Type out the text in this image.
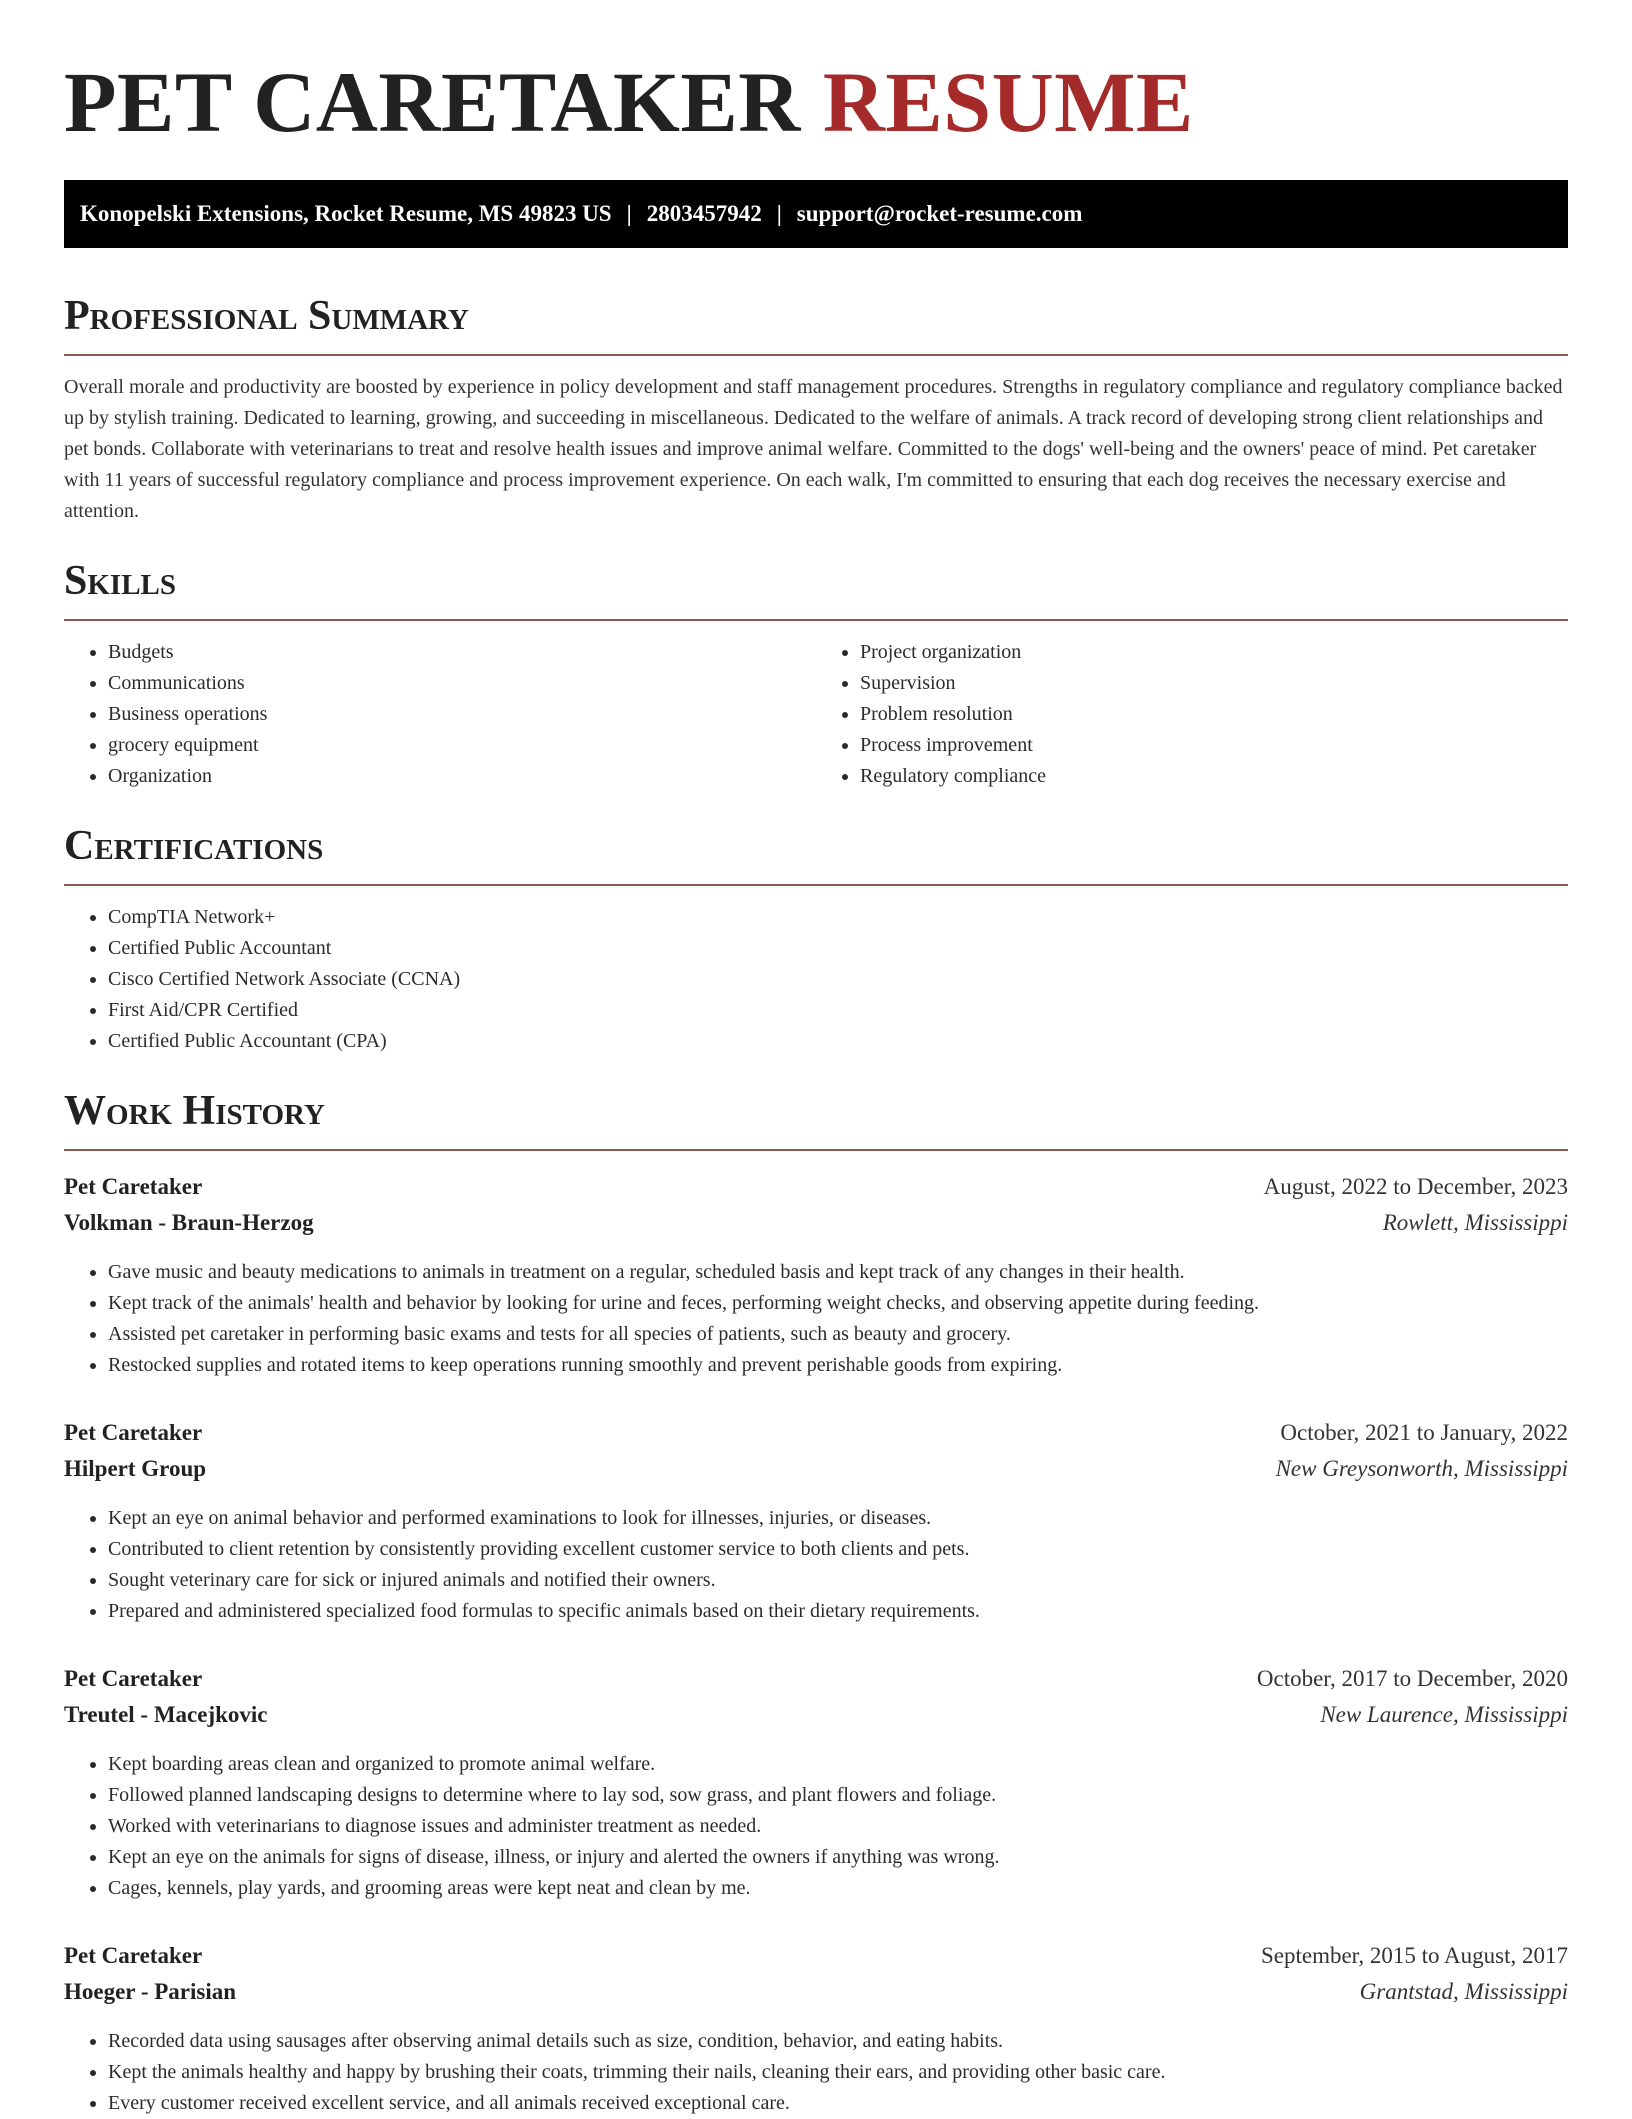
PET CARETAKER RESUME
Konopelski Extensions, Rocket Resume, MS 49823 US | 2803457942 | support@rocket-resume.com
Professional Summary

Overall morale and productivity are boosted by experience in policy development and staff management procedures. Strengths in regulatory compliance and regulatory compliance backed up by stylish training. Dedicated to learning, growing, and succeeding in miscellaneous. Dedicated to the welfare of animals. A track record of developing strong client relationships and pet bonds. Collaborate with veterinarians to treat and resolve health issues and improve animal welfare. Committed to the dogs' well-being and the owners' peace of mind. Pet caretaker with 11 years of successful regulatory compliance and process improvement experience. On each walk, I'm committed to ensuring that each dog receives the necessary exercise and attention.

Skills
• Budgets
• Communications
• Business operations
• grocery equipment
• Organization
• Project organization
• Supervision
• Problem resolution
• Process improvement
• Regulatory compliance
Certifications
• CompTIA Network+
• Certified Public Accountant
• Cisco Certified Network Associate (CCNA)
• First Aid/CPR Certified
• Certified Public Accountant (CPA)
Work History
Pet Caretaker	August, 2022 to December, 2023
Volkman - Braun-Herzog	Rowlett, Mississippi
• Gave music and beauty medications to animals in treatment on a regular, scheduled basis and kept track of any changes in their health.
• Kept track of the animals' health and behavior by looking for urine and feces, performing weight checks, and observing appetite during feeding.
• Assisted pet caretaker in performing basic exams and tests for all species of patients, such as beauty and grocery.
• Restocked supplies and rotated items to keep operations running smoothly and prevent perishable goods from expiring.
Pet Caretaker	October, 2021 to January, 2022
Hilpert Group	New Greysonworth, Mississippi
• Kept an eye on animal behavior and performed examinations to look for illnesses, injuries, or diseases.
• Contributed to client retention by consistently providing excellent customer service to both clients and pets.
• Sought veterinary care for sick or injured animals and notified their owners.
• Prepared and administered specialized food formulas to specific animals based on their dietary requirements.
Pet Caretaker	October, 2017 to December, 2020
Treutel - Macejkovic	New Laurence, Mississippi
• Kept boarding areas clean and organized to promote animal welfare.
• Followed planned landscaping designs to determine where to lay sod, sow grass, and plant flowers and foliage.
• Worked with veterinarians to diagnose issues and administer treatment as needed.
• Kept an eye on the animals for signs of disease, illness, or injury and alerted the owners if anything was wrong.
• Cages, kennels, play yards, and grooming areas were kept neat and clean by me.
Pet Caretaker	September, 2015 to August, 2017
Hoeger - Parisian	Grantstad, Mississippi
• Recorded data using sausages after observing animal details such as size, condition, behavior, and eating habits.
• Kept the animals healthy and happy by brushing their coats, trimming their nails, cleaning their ears, and providing other basic care.
• Every customer received excellent service, and all animals received exceptional care.
